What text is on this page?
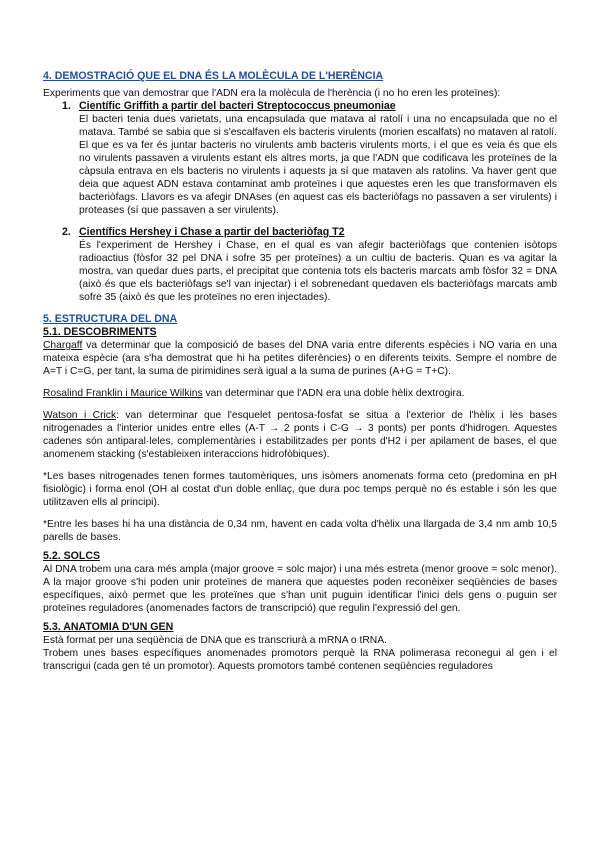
4. DEMOSTRACIÓ QUE EL DNA ÉS LA MOLÈCULA DE L'HERÈNCIA

Experiments que van demostrar que l'ADN era la molècula de l'herència (i no ho eren les proteïnes):

1. Científic Griffith a partir del bacteri Streptococcus pneumoniae

El bacteri tenia dues varietats, una encapsulada que matava al ratolí i una no encapsulada que no el matava. També se sabia que si s'escalfaven els bacteris virulents (morien escalfats) no mataven al ratolí. El que es va fer és juntar bacteris no virulents amb bacteris virulents morts, i el que es veia és que els no virulents passaven a virulents estant els altres morts, ja que l'ADN que codificava les proteïnes de la càpsula entrava en els bacteris no virulents i aquests ja sí que mataven als ratolins. Va haver gent que deia que aquest ADN estava contaminat amb proteïnes i que aquestes eren les que transformaven els bacteriòfags. Llavors es va afegir DNAses (en aquest cas els bacteriòfags no passaven a ser virulents) i proteases (sí que passaven a ser virulents).

2. Científics Hershey i Chase a partir del bacteriòfag T2

És l'experiment de Hershey i Chase, en el qual es van afegir bacteriòfags que contenien isòtops radioactius (fòsfor 32 pel DNA i sofre 35 per proteïnes) a un cultiu de bacteris. Quan es va agitar la mostra, van quedar dues parts, el precipitat que contenia tots els bacteris marcats amb fòsfor 32 = DNA (això és que els bacteriòfags se'l van injectar) i el sobrenedant quedaven els bacteriòfags marcats amb sofre 35 (això és que les proteïnes no eren injectades).

5. ESTRUCTURA DEL DNA
5.1. DESCOBRIMENTS

Chargaff va determinar que la composició de bases del DNA varia entre diferents espècies i NO varia en una mateixa espècie (ara s'ha demostrat que hi ha petites diferències) o en diferents teixits. Sempre el nombre de A=T i C=G, per tant, la suma de pirimidines serà igual a la suma de purines (A+G = T+C).

Rosalind Franklin i Maurice Wilkins van determinar que l'ADN era una doble hèlix dextrogira.

Watson i Crick: van determinar que l'esquelet pentosa-fosfat se situa a l'exterior de l'hèlix i les bases nitrogenades a l'interior unides entre elles (A-T → 2 ponts i C-G → 3 ponts) per ponts d'hidrogen. Aquestes cadenes són antiparal·leles, complementàries i estabilitzades per ponts d'H2 i per apilament de bases, el que anomenem stacking (s'estableixen interaccions hidrofòbiques).

*Les bases nitrogenades tenen formes tautomèriques, uns isòmers anomenats forma ceto (predomina en pH fisiològic) i forma enol (OH al costat d'un doble enllaç, que dura poc temps perquè no és estable i són les que utilitzaven ells al principi).

*Entre les bases hi ha una distància de 0,34 nm, havent en cada volta d'hèlix una llargada de 3,4 nm amb 10,5 parells de bases.

5.2. SOLCS

Al DNA trobem una cara més ampla (major groove = solc major) i una més estreta (menor groove = solc menor). A la major groove s'hi poden unir proteïnes de manera que aquestes poden reconèixer seqüències de bases específiques, això permet que les proteïnes que s'han unit puguin identificar l'inici dels gens o puguin ser proteïnes reguladores (anomenades factors de transcripció) que regulin l'expressió del gen.

5.3. ANATOMIA D'UN GEN

Està format per una seqüència de DNA que es transcriurà a mRNA o tRNA.

Trobem unes bases específiques anomenades promotors perquè la RNA polimerasa reconegui al gen i el transcrigui (cada gen té un promotor). Aquests promotors també contenen seqüències reguladores
